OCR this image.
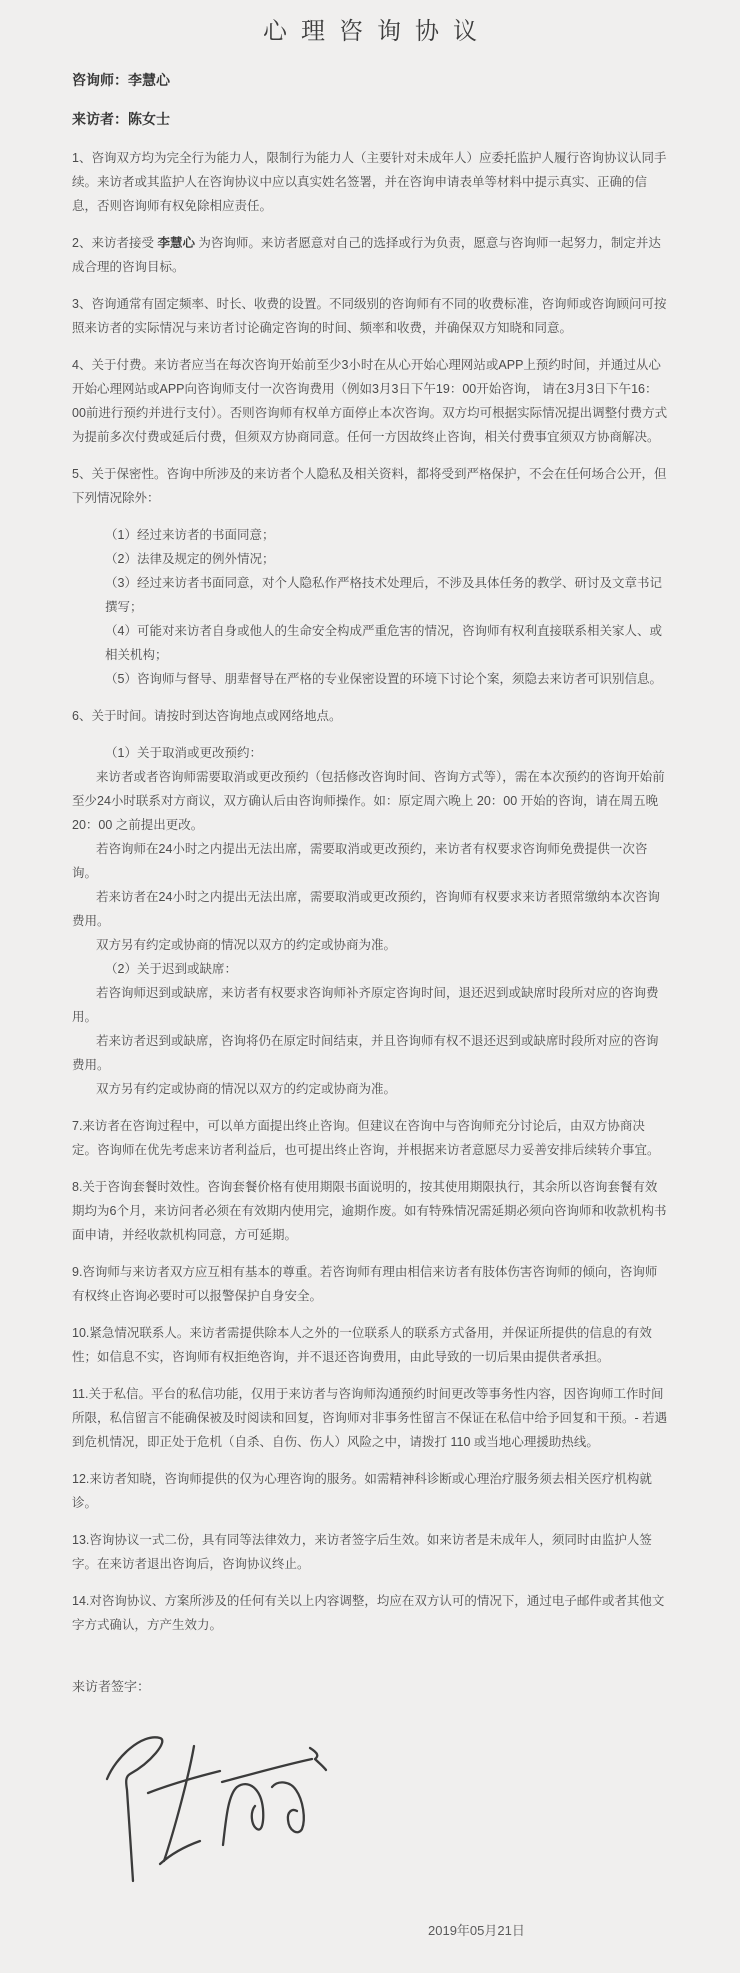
心理咨询协议

咨询师：李慧心

来访者：陈女士

1、咨询双方均为完全行为能力人，限制行为能力人（主要针对未成年人）应委托监护人履行咨询协议认同手续。来访者或其监护人在咨询协议中应以真实姓名签署，并在咨询申请表单等材料中提示真实、正确的信息，否则咨询师有权免除相应责任。

2、来访者接受 李慧心 为咨询师。来访者愿意对自己的选择或行为负责，愿意与咨询师一起努力，制定并达成合理的咨询目标。

3、咨询通常有固定频率、时长、收费的设置。不同级别的咨询师有不同的收费标准，咨询师或咨询顾问可按照来访者的实际情况与来访者讨论确定咨询的时间、频率和收费，并确保双方知晓和同意。

4、关于付费。来访者应当在每次咨询开始前至少3小时在从心开始心理网站或APP上预约时间，并通过从心开始心理网站或APP向咨询师支付一次咨询费用（例如3月3日下午19：00开始咨询， 请在3月3日下午16：00前进行预约并进行支付）。否则咨询师有权单方面停止本次咨询。双方均可根据实际情况提出调整付费方式为提前多次付费或延后付费，但须双方协商同意。任何一方因故终止咨询，相关付费事宜须双方协商解决。

5、关于保密性。咨询中所涉及的来访者个人隐私及相关资料，都将受到严格保护，不会在任何场合公开，但下列情况除外：

（1）经过来访者的书面同意；

（2）法律及规定的例外情况；

（3）经过来访者书面同意，对个人隐私作严格技术处理后，不涉及具体任务的教学、研讨及文章书记撰写；

（4）可能对来访者自身或他人的生命安全构成严重危害的情况，咨询师有权利直接联系相关家人、或相关机构；

（5）咨询师与督导、朋辈督导在严格的专业保密设置的环境下讨论个案，须隐去来访者可识别信息。

6、关于时间。请按时到达咨询地点或网络地点。

（1）关于取消或更改预约：

来访者或者咨询师需要取消或更改预约（包括修改咨询时间、咨询方式等），需在本次预约的咨询开始前至少24小时联系对方商议，双方确认后由咨询师操作。如：原定周六晚上 20：00 开始的咨询，请在周五晚 20：00 之前提出更改。

若咨询师在24小时之内提出无法出席，需要取消或更改预约，来访者有权要求咨询师免费提供一次咨询。

若来访者在24小时之内提出无法出席，需要取消或更改预约，咨询师有权要求来访者照常缴纳本次咨询费用。

双方另有约定或协商的情况以双方的约定或协商为准。

（2）关于迟到或缺席：

若咨询师迟到或缺席，来访者有权要求咨询师补齐原定咨询时间，退还迟到或缺席时段所对应的咨询费用。

若来访者迟到或缺席，咨询将仍在原定时间结束，并且咨询师有权不退还迟到或缺席时段所对应的咨询费用。

双方另有约定或协商的情况以双方的约定或协商为准。

7.来访者在咨询过程中，可以单方面提出终止咨询。但建议在咨询中与咨询师充分讨论后，由双方协商决定。咨询师在优先考虑来访者利益后，也可提出终止咨询，并根据来访者意愿尽力妥善安排后续转介事宜。

8.关于咨询套餐时效性。咨询套餐价格有使用期限书面说明的，按其使用期限执行，其余所以咨询套餐有效期均为6个月，来访问者必须在有效期内使用完，逾期作废。如有特殊情况需延期必须向咨询师和收款机构书面申请，并经收款机构同意，方可延期。

9.咨询师与来访者双方应互相有基本的尊重。若咨询师有理由相信来访者有肢体伤害咨询师的倾向，咨询师有权终止咨询必要时可以报警保护自身安全。

10.紧急情况联系人。来访者需提供除本人之外的一位联系人的联系方式备用，并保证所提供的信息的有效性；如信息不实，咨询师有权拒绝咨询，并不退还咨询费用，由此导致的一切后果由提供者承担。

11.关于私信。平台的私信功能，仅用于来访者与咨询师沟通预约时间更改等事务性内容，因咨询师工作时间所限，私信留言不能确保被及时阅读和回复，咨询师对非事务性留言不保证在私信中给予回复和干预。- 若遇到危机情况，即正处于危机（自杀、自伤、伤人）风险之中，请拨打 110 或当地心理援助热线。

12.来访者知晓，咨询师提供的仅为心理咨询的服务。如需精神科诊断或心理治疗服务须去相关医疗机构就诊。

13.咨询协议一式二份，具有同等法律效力，来访者签字后生效。如来访者是未成年人，须同时由监护人签字。在来访者退出咨询后，咨询协议终止。

14.对咨询协议、方案所涉及的任何有关以上内容调整，均应在双方认可的情况下，通过电子邮件或者其他文字方式确认，方产生效力。

来访者签字：

2019年05月21日
